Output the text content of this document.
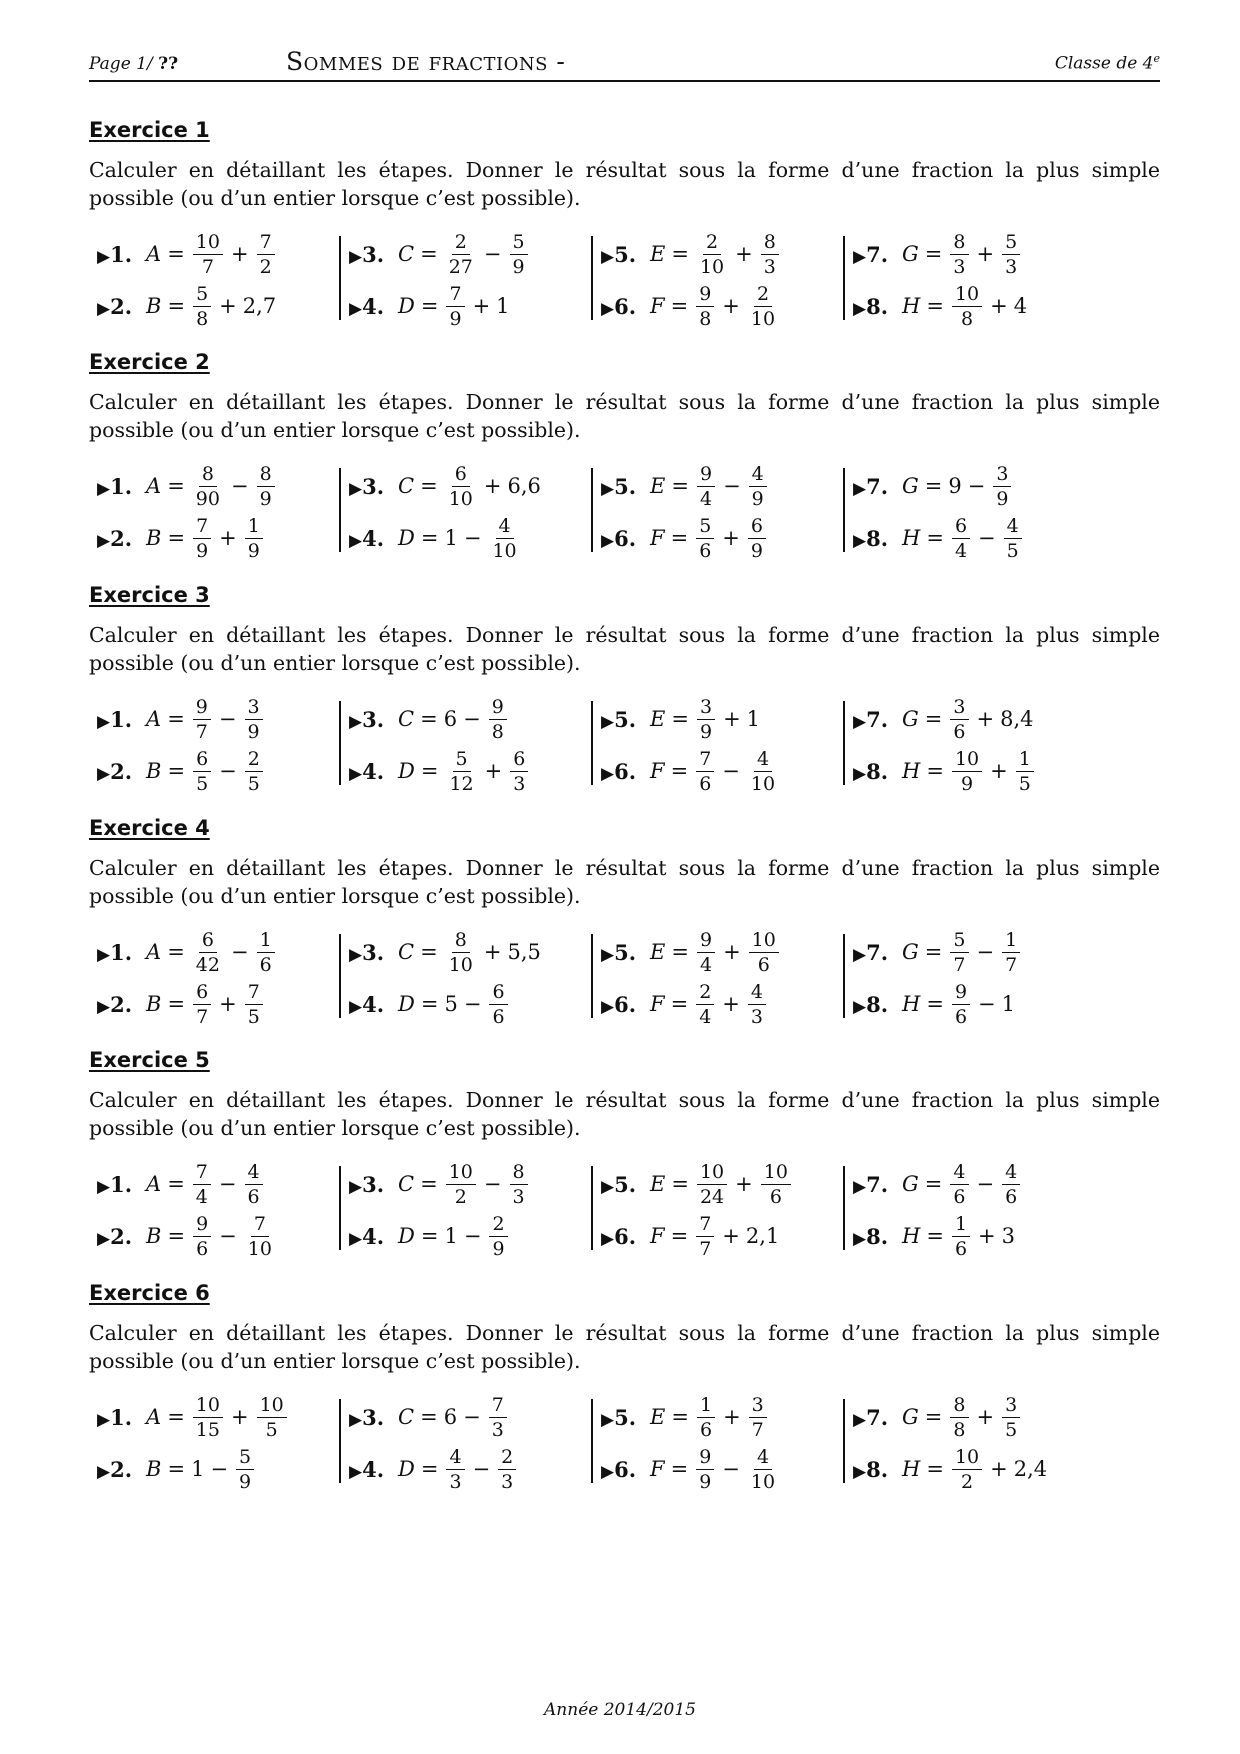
Page 1/ ??	Sommes de fractions -	Classe de 4e
Exercice 1
Calculer en détaillant les étapes. Donner le résultat sous la forme d’une fraction la plus simple possible (ou d’un entier lorsque c’est possible).
▶1. $A = \frac{10}{7} + \frac{7}{2}$
▶2. $B = \frac{5}{8} + 2,7$
▶3. $C = \frac{2}{27} - \frac{5}{9}$
▶4. $D = \frac{7}{9} + 1$
▶5. $E = \frac{2}{10} + \frac{8}{3}$
▶6. $F = \frac{9}{8} + \frac{2}{10}$
▶7. $G = \frac{8}{3} + \frac{5}{3}$
▶8. $H = \frac{10}{8} + 4$
Exercice 2
Calculer en détaillant les étapes. Donner le résultat sous la forme d’une fraction la plus simple possible (ou d’un entier lorsque c’est possible).
▶1. $A = \frac{8}{90} - \frac{8}{9}$
▶2. $B = \frac{7}{9} + \frac{1}{9}$
▶3. $C = \frac{6}{10} + 6,6$
▶4. $D = 1 - \frac{4}{10}$
▶5. $E = \frac{9}{4} - \frac{4}{9}$
▶6. $F = \frac{5}{6} + \frac{6}{9}$
▶7. $G = 9 - \frac{3}{9}$
▶8. $H = \frac{6}{4} - \frac{4}{5}$
Exercice 3
Calculer en détaillant les étapes. Donner le résultat sous la forme d’une fraction la plus simple possible (ou d’un entier lorsque c’est possible).
▶1. $A = \frac{9}{7} - \frac{3}{9}$
▶2. $B = \frac{6}{5} - \frac{2}{5}$
▶3. $C = 6 - \frac{9}{8}$
▶4. $D = \frac{5}{12} + \frac{6}{3}$
▶5. $E = \frac{3}{9} + 1$
▶6. $F = \frac{7}{6} - \frac{4}{10}$
▶7. $G = \frac{3}{6} + 8,4$
▶8. $H = \frac{10}{9} + \frac{1}{5}$
Exercice 4
Calculer en détaillant les étapes. Donner le résultat sous la forme d’une fraction la plus simple possible (ou d’un entier lorsque c’est possible).
▶1. $A = \frac{6}{42} - \frac{1}{6}$
▶2. $B = \frac{6}{7} + \frac{7}{5}$
▶3. $C = \frac{8}{10} + 5,5$
▶4. $D = 5 - \frac{6}{6}$
▶5. $E = \frac{9}{4} + \frac{10}{6}$
▶6. $F = \frac{2}{4} + \frac{4}{3}$
▶7. $G = \frac{5}{7} - \frac{1}{7}$
▶8. $H = \frac{9}{6} - 1$
Exercice 5
Calculer en détaillant les étapes. Donner le résultat sous la forme d’une fraction la plus simple possible (ou d’un entier lorsque c’est possible).
▶1. $A = \frac{7}{4} - \frac{4}{6}$
▶2. $B = \frac{9}{6} - \frac{7}{10}$
▶3. $C = \frac{10}{2} - \frac{8}{3}$
▶4. $D = 1 - \frac{2}{9}$
▶5. $E = \frac{10}{24} + \frac{10}{6}$
▶6. $F = \frac{7}{7} + 2,1$
▶7. $G = \frac{4}{6} - \frac{4}{6}$
▶8. $H = \frac{1}{6} + 3$
Exercice 6
Calculer en détaillant les étapes. Donner le résultat sous la forme d’une fraction la plus simple possible (ou d’un entier lorsque c’est possible).
▶1. $A = \frac{10}{15} + \frac{10}{5}$
▶2. $B = 1 - \frac{5}{9}$
▶3. $C = 6 - \frac{7}{3}$
▶4. $D = \frac{4}{3} - \frac{2}{3}$
▶5. $E = \frac{1}{6} + \frac{3}{7}$
▶6. $F = \frac{9}{9} - \frac{4}{10}$
▶7. $G = \frac{8}{8} + \frac{3}{5}$
▶8. $H = \frac{10}{2} + 2,4$
Année 2014/2015
